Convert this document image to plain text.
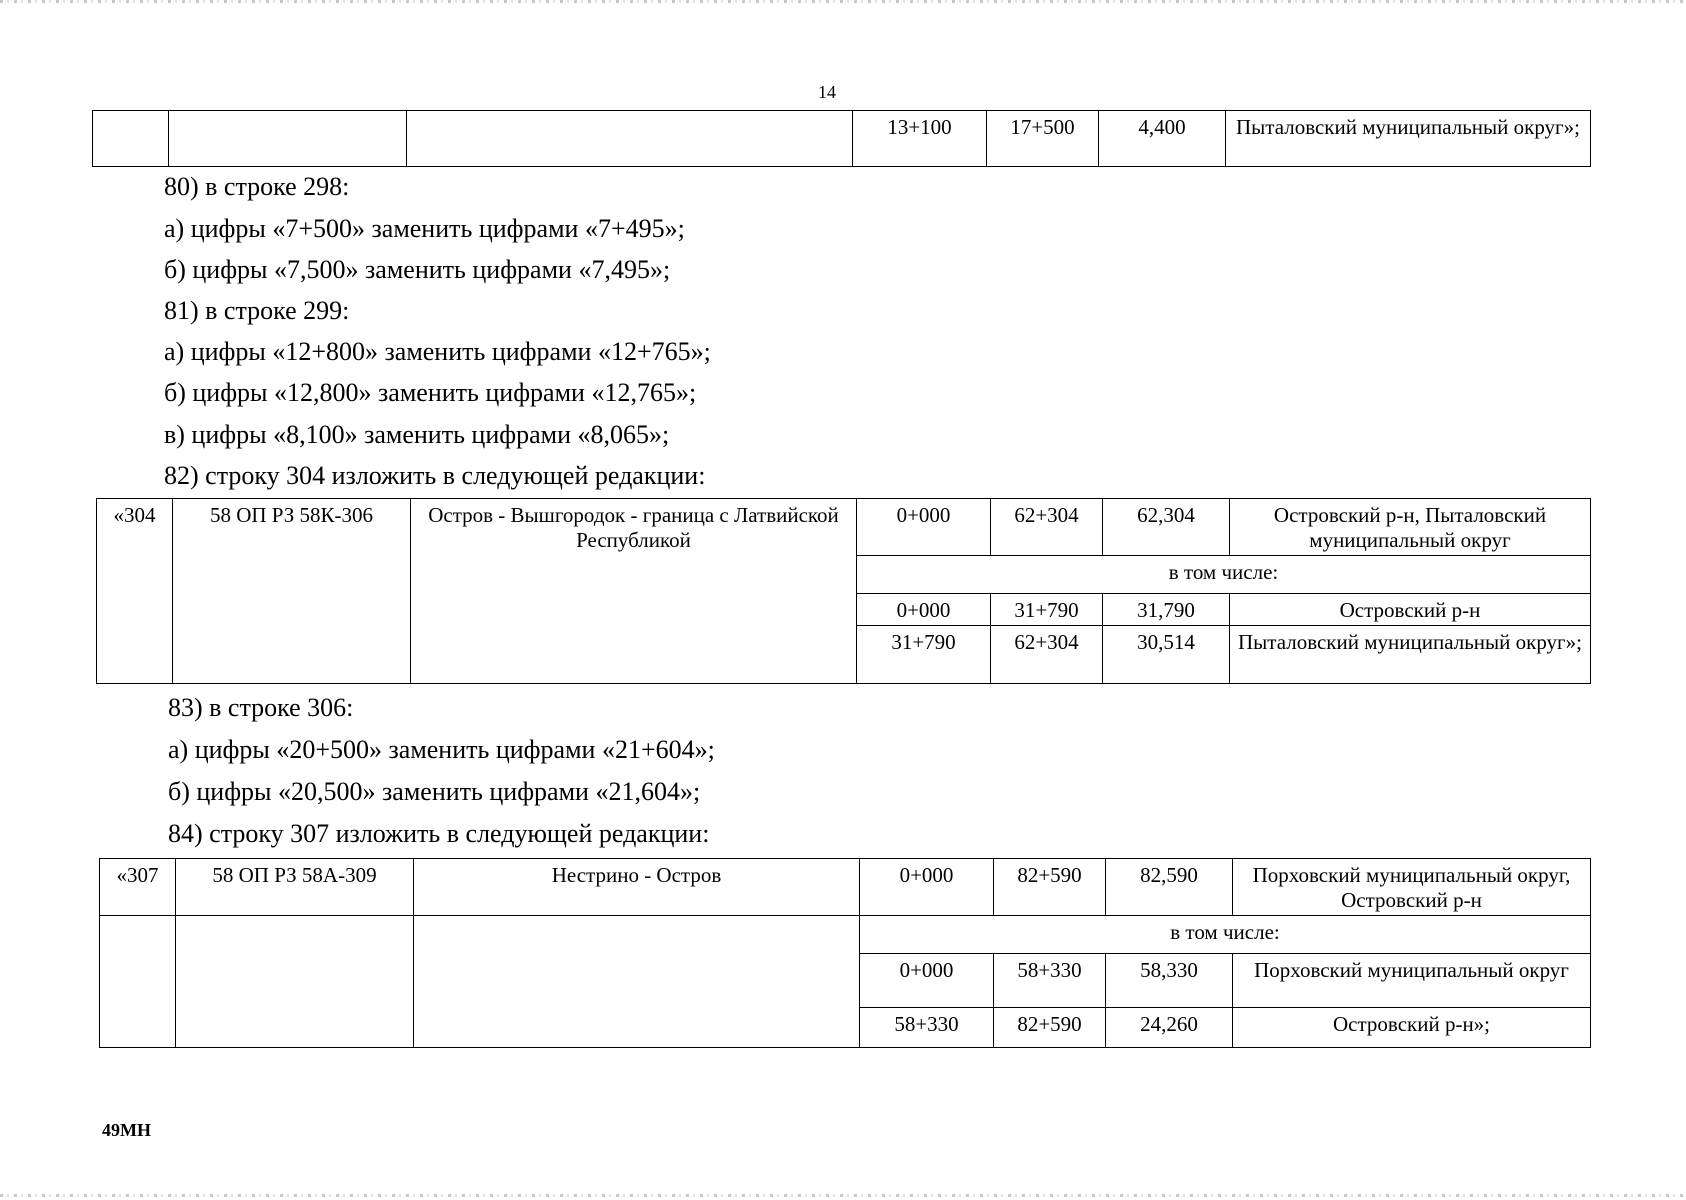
14
			13+100	17+500	4,400	Пыталовский муниципальный округ»;
80) в строке 298:
а) цифры «7+500» заменить цифрами «7+495»;
б) цифры «7,500» заменить цифрами «7,495»;
81) в строке 299:
а) цифры «12+800» заменить цифрами «12+765»;
б) цифры «12,800» заменить цифрами «12,765»;
в) цифры «8,100» заменить цифрами «8,065»;
82) строку 304 изложить в следующей редакции:
«304	58 ОП РЗ 58К-306	Остров - Вышгородок - граница с Латвийской Республикой	0+000	62+304	62,304	Островский р-н, Пыталовский муниципальный округ
			в том числе:			
			0+000	31+790	31,790	Островский р-н
			31+790	62+304	30,514	Пыталовский муниципальный округ»;
83) в строке 306:
а) цифры «20+500» заменить цифрами «21+604»;
б) цифры «20,500» заменить цифрами «21,604»;
84) строку 307 изложить в следующей редакции:
«307	58 ОП РЗ 58А-309	Нестрино - Остров	0+000	82+590	82,590	Порховский муниципальный округ, Островский р-н
			в том числе:			
			0+000	58+330	58,330	Порховский муниципальный округ
			58+330	82+590	24,260	Островский р-н»;
49МН
